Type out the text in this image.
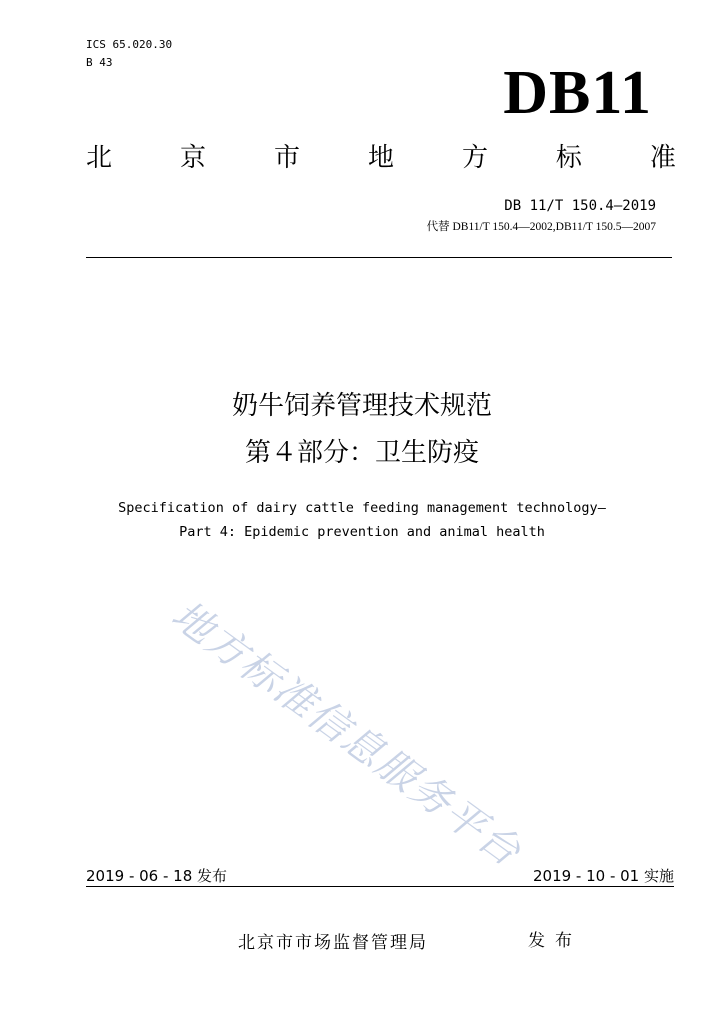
ICS 65.020.30
B 43	DB11
北	京	市	地	方	标	准
DB 11/T 150.4—2019
代替 DB11/T 150.4—2002,DB11/T 150.5—2007
奶牛饲养管理技术规范
第４部分：卫生防疫
Specification of dairy cattle feeding management technology—
Part 4: Epidemic prevention and animal health
地方标准信息服务平台
2019 - 06 - 18 发布	2019 - 10 - 01 实施
北京市市场监督管理局	发布
